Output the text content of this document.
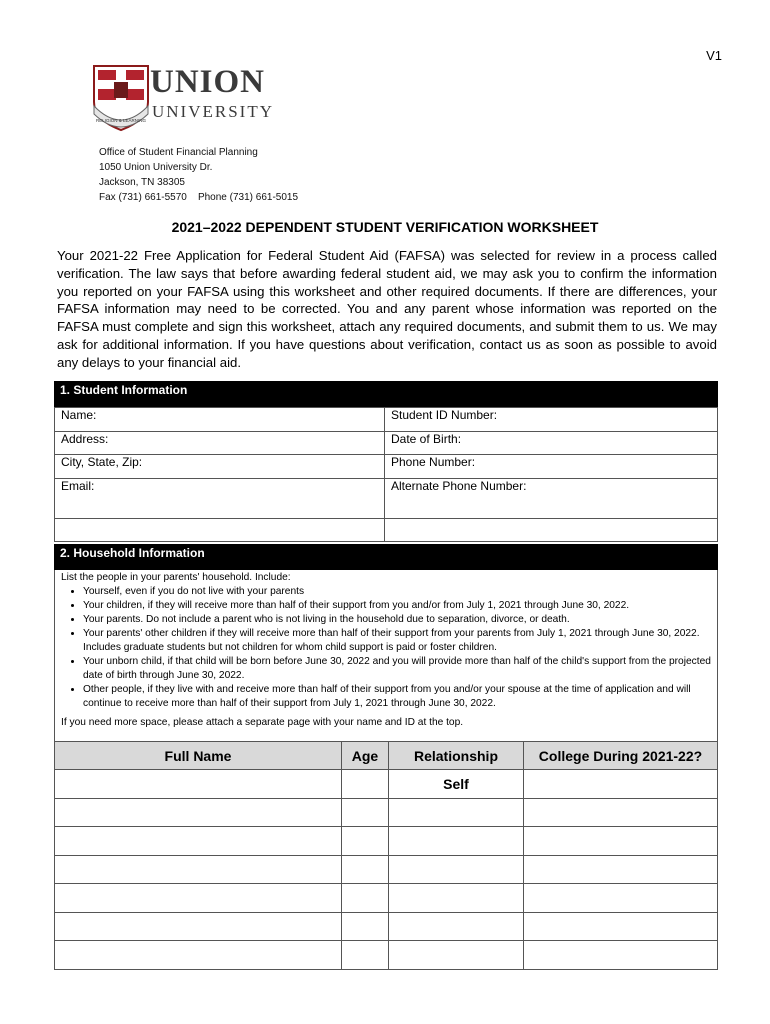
V1
RELIGION & LEARNING
UNION
UNIVERSITY
Office of Student Financial Planning
1050 Union University Dr.
Jackson, TN 38305
Fax (731) 661-5570    Phone (731) 661-5015
2021–2022 DEPENDENT STUDENT VERIFICATION WORKSHEET
Your 2021-22 Free Application for Federal Student Aid (FAFSA) was selected for review in a process called verification. The law says that before awarding federal student aid, we may ask you to confirm the information you reported on your FAFSA using this worksheet and other required documents. If there are differences, your FAFSA information may need to be corrected. You and any parent whose information was reported on the FAFSA must complete and sign this worksheet, attach any required documents, and submit them to us. We may ask for additional information. If you have questions about verification, contact us as soon as possible to avoid any delays to your financial aid.
1. Student Information
Name:	Student ID Number:
Address:	Date of Birth:
City, State, Zip:	Phone Number:
Email:	Alternate Phone Number:

2. Household Information
List the people in your parents' household. Include:
• Yourself, even if you do not live with your parents
• Your children, if they will receive more than half of their support from you and/or from July 1, 2021 through June 30, 2022.
• Your parents. Do not include a parent who is not living in the household due to separation, divorce, or death.
• Your parents' other children if they will receive more than half of their support from your parents from July 1, 2021 through June 30, 2022. Includes graduate students but not children for whom child support is paid or foster children.
• Your unborn child, if that child will be born before June 30, 2022 and you will provide more than half of the child's support from the projected date of birth through June 30, 2022.
• Other people, if they live with and receive more than half of their support from you and/or your spouse at the time of application and will continue to receive more than half of their support from July 1, 2021 through June 30, 2022.
If you need more space, please attach a separate page with your name and ID at the top.
Full Name	Age	Relationship	College During 2021-22?
		Self	
